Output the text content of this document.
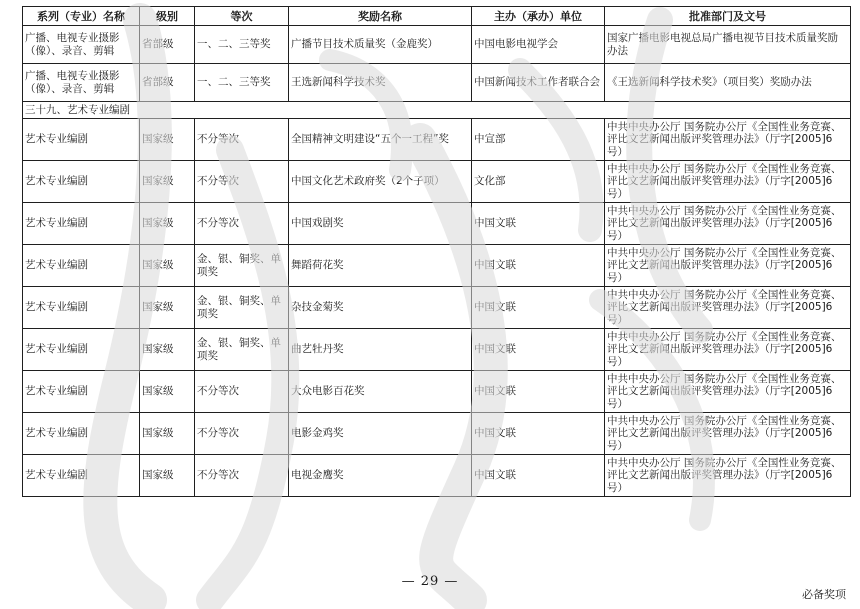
系列（专业）名称	级别	等次	奖励名称	主办（承办）单位	批准部门及文号
广播、电视专业摄影（像）、录音、剪辑	省部级	一、二、三等奖	广播节目技术质量奖（金鹿奖）	中国电影电视学会	国家广播电影电视总局广播电视节目技术质量奖励办法
广播、电视专业摄影（像）、录音、剪辑	省部级	一、二、三等奖	王选新闻科学技术奖	中国新闻技术工作者联合会	《王选新闻科学技术奖》（项目奖）奖励办法
三十九、艺术专业编剧					
艺术专业编剧	国家级	不分等次	全国精神文明建设“五个一工程”奖	中宣部	中共中央办公厅 国务院办公厅《全国性业务竞赛、评比文艺新闻出版评奖管理办法》（厅字[2005]6号）
艺术专业编剧	国家级	不分等次	中国文化艺术政府奖（2个子项）	文化部	中共中央办公厅 国务院办公厅《全国性业务竞赛、评比文艺新闻出版评奖管理办法》（厅字[2005]6号）
艺术专业编剧	国家级	不分等次	中国戏剧奖	中国文联	中共中央办公厅 国务院办公厅《全国性业务竞赛、评比文艺新闻出版评奖管理办法》（厅字[2005]6号）
艺术专业编剧	国家级	金、银、铜奖、单项奖	舞蹈荷花奖	中国文联	中共中央办公厅 国务院办公厅《全国性业务竞赛、评比文艺新闻出版评奖管理办法》（厅字[2005]6号）
艺术专业编剧	国家级	金、银、铜奖、单项奖	杂技金菊奖	中国文联	中共中央办公厅 国务院办公厅《全国性业务竞赛、评比文艺新闻出版评奖管理办法》（厅字[2005]6号）
艺术专业编剧	国家级	金、银、铜奖、单项奖	曲艺牡丹奖	中国文联	中共中央办公厅 国务院办公厅《全国性业务竞赛、评比文艺新闻出版评奖管理办法》（厅字[2005]6号）
艺术专业编剧	国家级	不分等次	大众电影百花奖	中国文联	中共中央办公厅 国务院办公厅《全国性业务竞赛、评比文艺新闻出版评奖管理办法》（厅字[2005]6号）
艺术专业编剧	国家级	不分等次	电影金鸡奖	中国文联	中共中央办公厅 国务院办公厅《全国性业务竞赛、评比文艺新闻出版评奖管理办法》（厅字[2005]6号）
艺术专业编剧	国家级	不分等次	电视金鹰奖	中国文联	中共中央办公厅 国务院办公厅《全国性业务竞赛、评比文艺新闻出版评奖管理办法》（厅字[2005]6号）
— 29 —
必备奖项
